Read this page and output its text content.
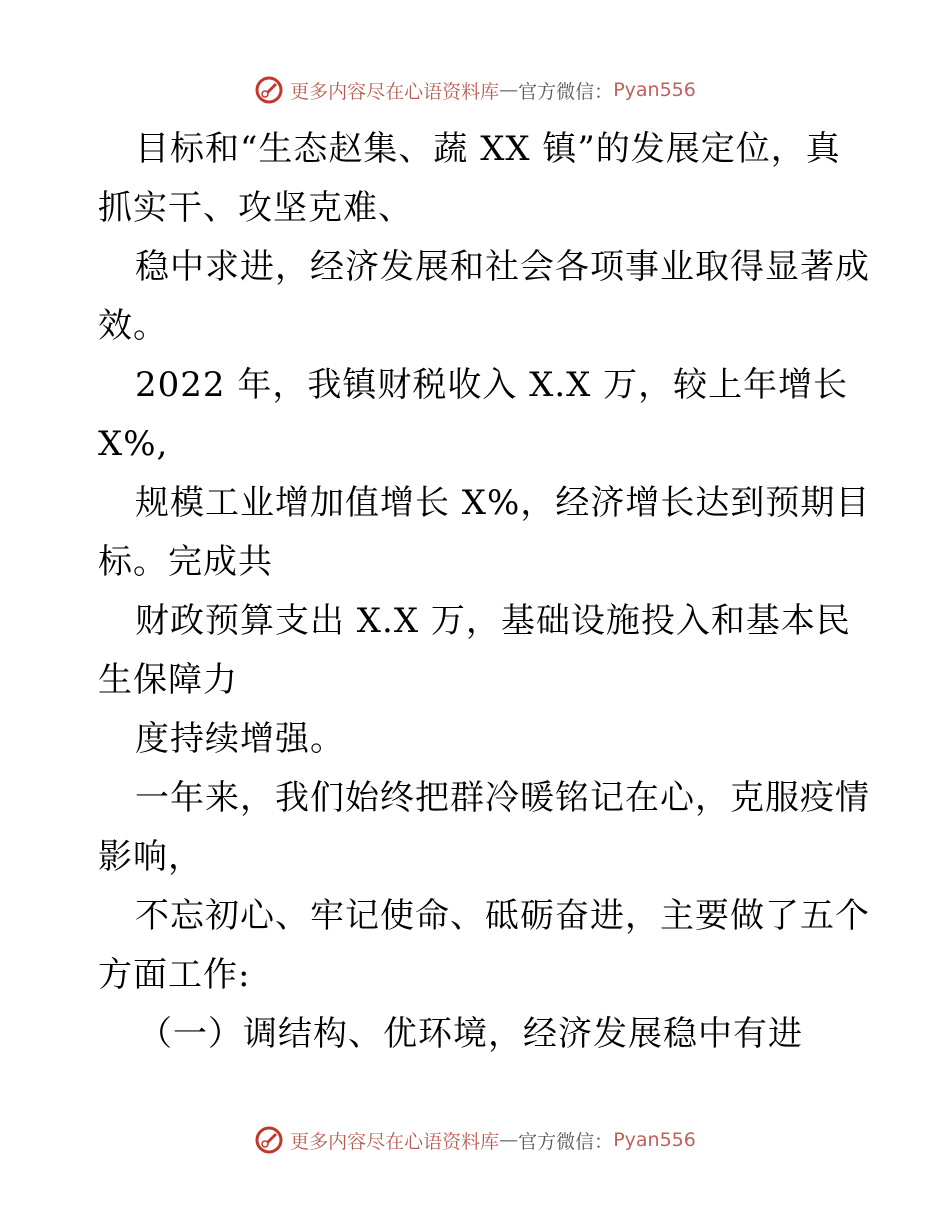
更多内容尽在心语资料库 — 官方微信： Pyan556
目标和“生态赵集、蔬 XX 镇”的发展定位，真
抓实干、攻坚克难、
稳中求进，经济发展和社会各项事业取得显著成
效。
2022 年，我镇财税收入 X.X 万，较上年增长
X%,
规模工业增加值增长 X%，经济增长达到预期目
标。完成共
财政预算支出 X.X 万，基础设施投入和基本民
生保障力
度持续增强。
一年来，我们始终把群冷暖铭记在心，克服疫情
影响，
不忘初心、牢记使命、砥砺奋进，主要做了五个
方面工作:
（一）调结构、优环境，经济发展稳中有进
更多内容尽在心语资料库 — 官方微信： Pyan556
